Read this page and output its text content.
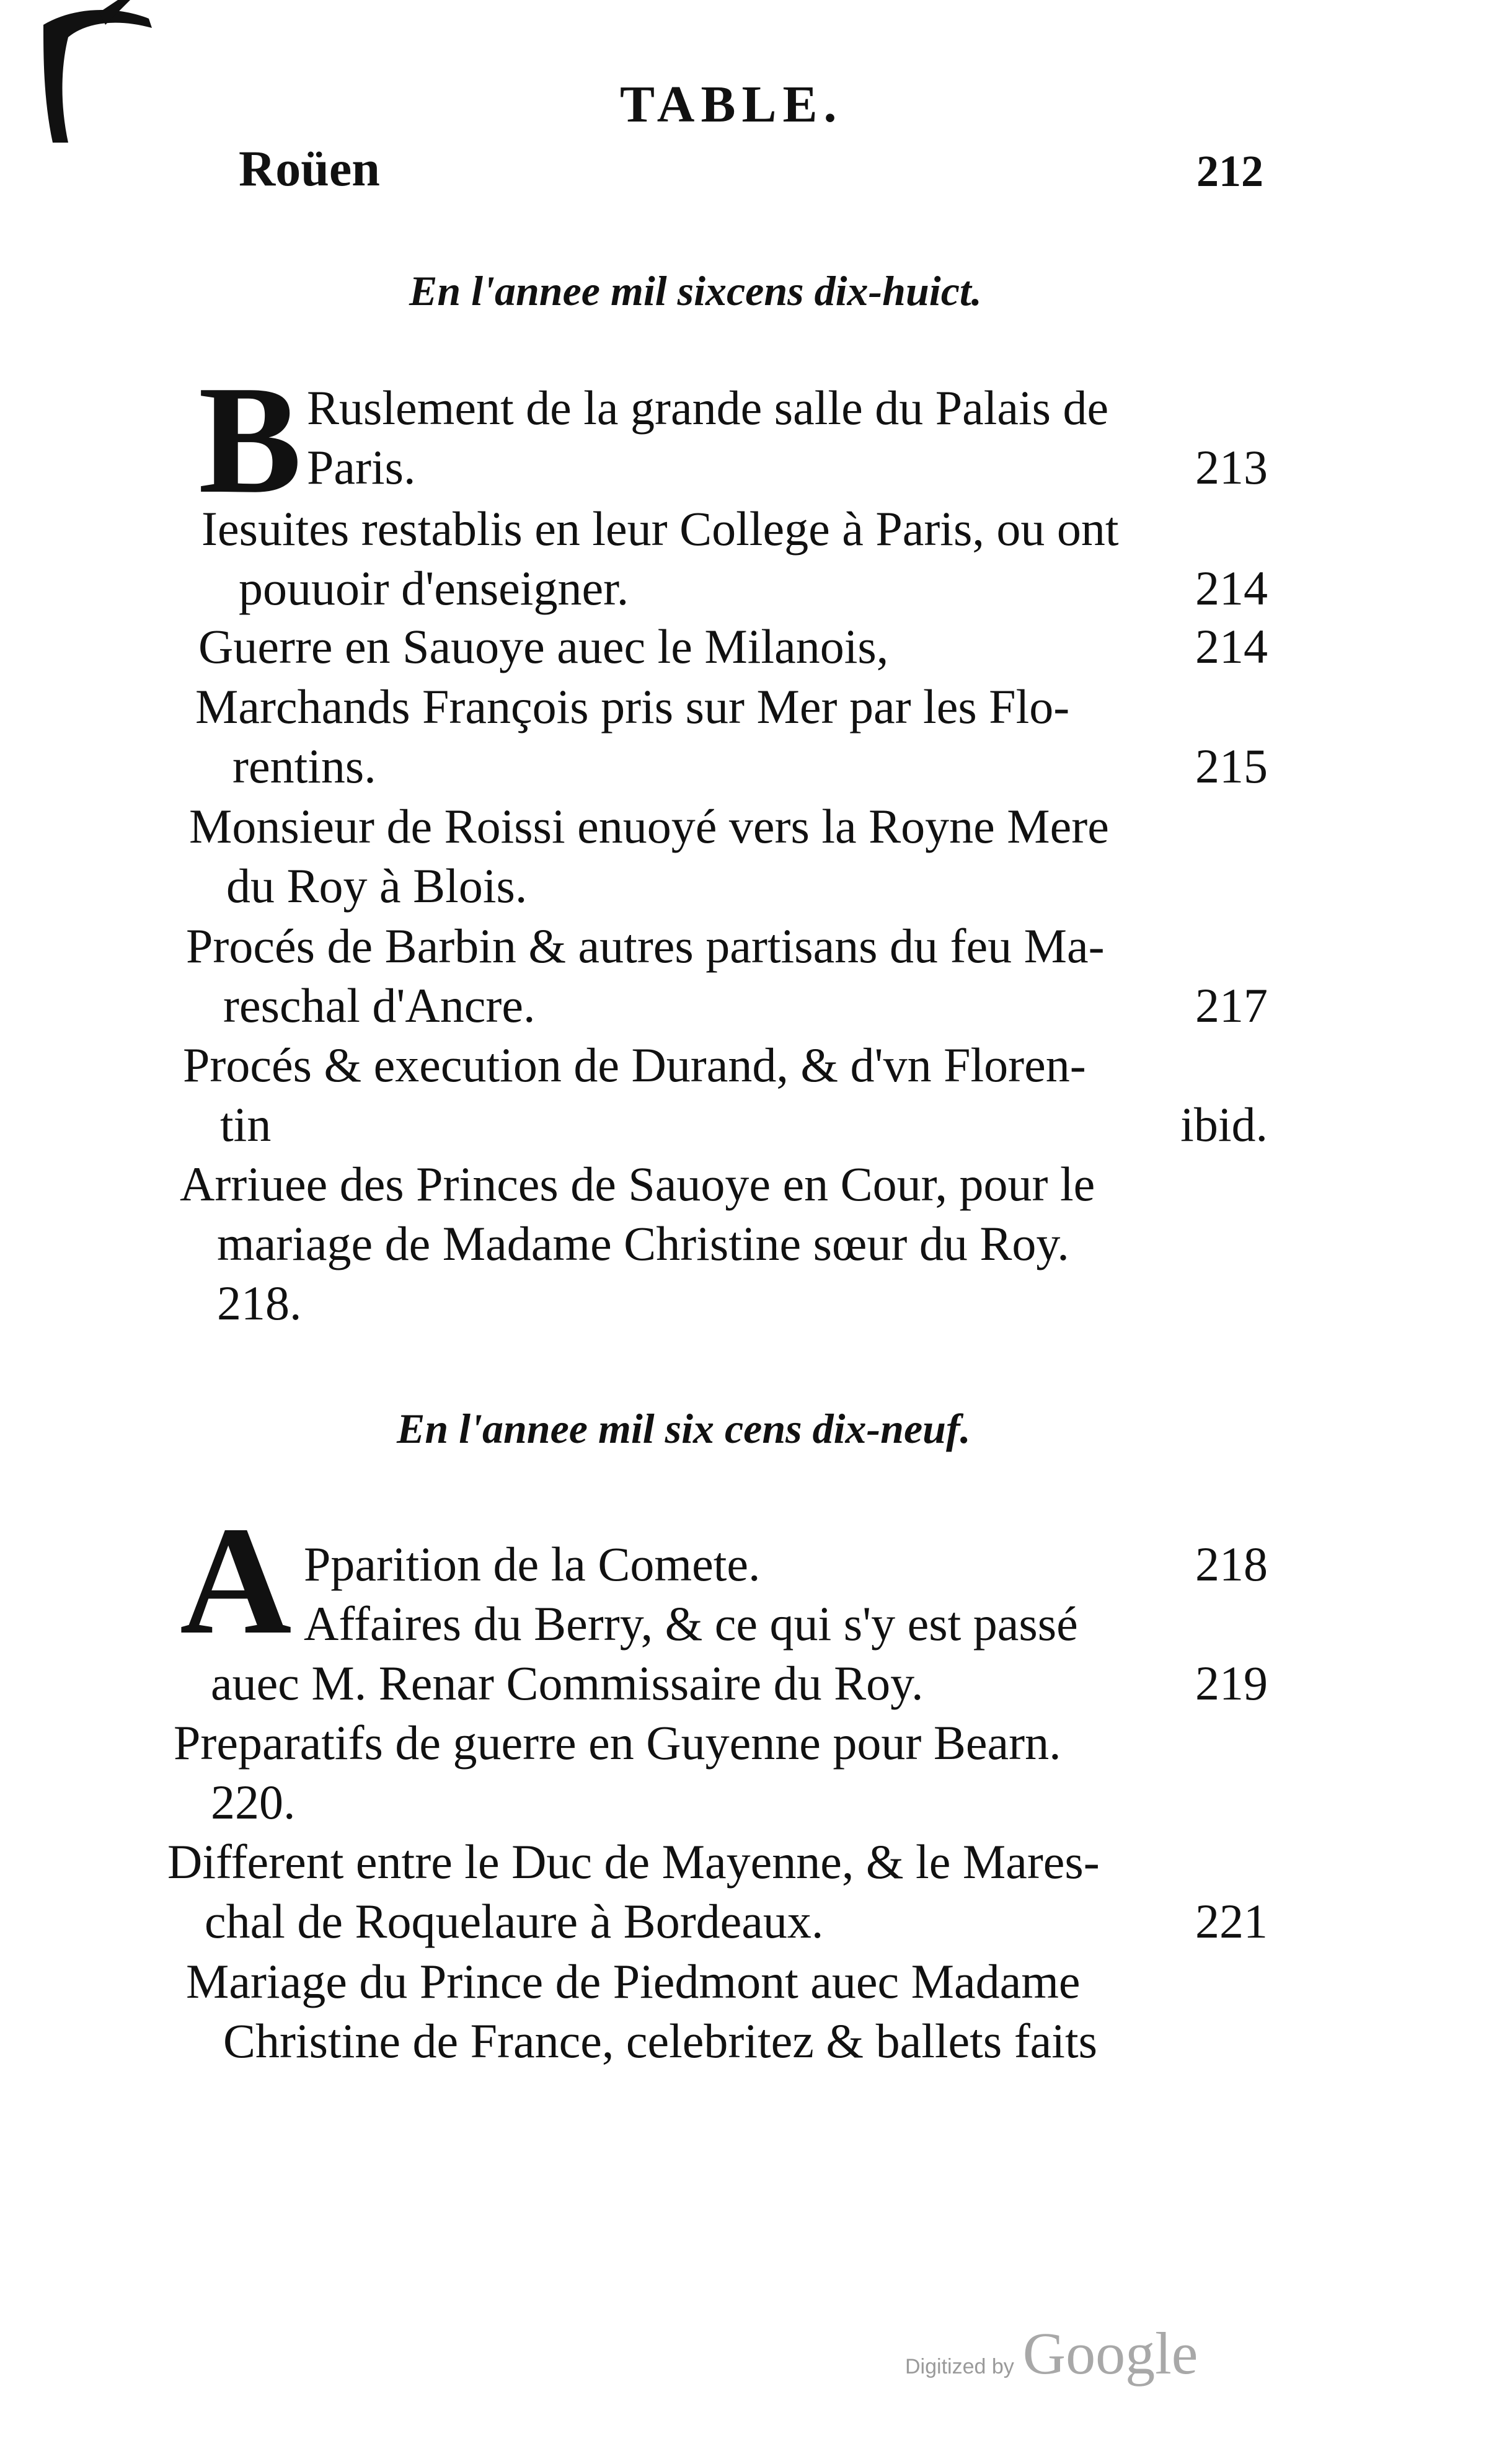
TABLE.
Roüen	212
En l'annee mil sixcens dix-huict.
B Ruslement de la grande salle du Palais de
Paris.	213
Iesuites restablis en leur College à Paris, ou ont
pouuoir d'enseigner.	214
Guerre en Sauoye auec le Milanois,	214
Marchands François pris sur Mer par les Flo-
rentins.	215
Monsieur de Roissi enuoyé vers la Royne Mere
du Roy à Blois.
Procés de Barbin & autres partisans du feu Ma-
reschal d'Ancre.	217
Procés & execution de Durand, & d'vn Floren-
tin	ibid.
Arriuee des Princes de Sauoye en Cour, pour le
mariage de Madame Christine sœur du Roy.
218.
En l'annee mil six cens dix-neuf.
A Pparition de la Comete.	218
Affaires du Berry, & ce qui s'y est passé
auec M. Renar Commissaire du Roy.	219
Preparatifs de guerre en Guyenne pour Bearn.
220.
Different entre le Duc de Mayenne, & le Mares-
chal de Roquelaure à Bordeaux.	221
Mariage du Prince de Piedmont auec Madame
Christine de France, celebritez & ballets faits
Digitized by Google
